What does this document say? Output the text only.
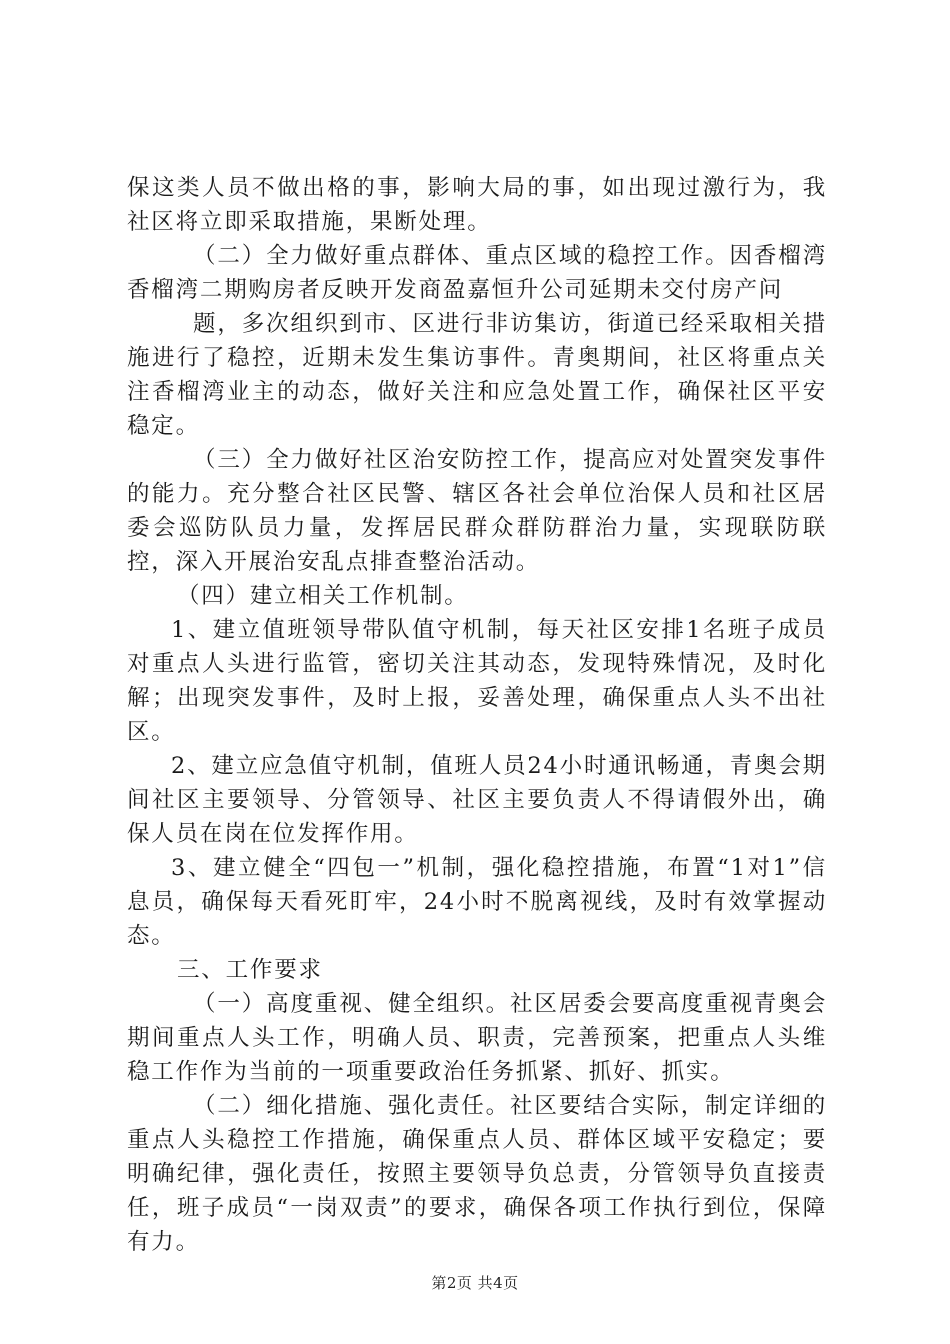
保这类人员不做出格的事，影响大局的事，如出现过激行为，我社区将立即采取措施，果断处理。

（二）全力做好重点群体、重点区域的稳控工作。因香榴湾香榴湾二期购房者反映开发商盈嘉恒升公司延期未交付房产问

题，多次组织到市、区进行非访集访，街道已经采取相关措施进行了稳控，近期未发生集访事件。青奥期间，社区将重点关注香榴湾业主的动态，做好关注和应急处置工作，确保社区平安稳定。

（三）全力做好社区治安防控工作，提高应对处置突发事件的能力。充分整合社区民警、辖区各社会单位治保人员和社区居委会巡防队员力量，发挥居民群众群防群治力量，实现联防联控，深入开展治安乱点排查整治活动。

（四）建立相关工作机制。

1、建立值班领导带队值守机制，每天社区安排1名班子成员对重点人头进行监管，密切关注其动态，发现特殊情况，及时化解；出现突发事件，及时上报，妥善处理，确保重点人头不出社区。

2、建立应急值守机制，值班人员24小时通讯畅通，青奥会期间社区主要领导、分管领导、社区主要负责人不得请假外出，确保人员在岗在位发挥作用。

3、建立健全“四包一”机制，强化稳控措施，布置“1对1”信息员，确保每天看死盯牢，24小时不脱离视线，及时有效掌握动态。

三、工作要求

（一）高度重视、健全组织。社区居委会要高度重视青奥会期间重点人头工作，明确人员、职责，完善预案，把重点人头维稳工作作为当前的一项重要政治任务抓紧、抓好、抓实。

（二）细化措施、强化责任。社区要结合实际，制定详细的重点人头稳控工作措施，确保重点人员、群体区域平安稳定；要明确纪律，强化责任，按照主要领导负总责，分管领导负直接责任，班子成员“一岗双责”的要求，确保各项工作执行到位，保障有力。

第2页 共4页
